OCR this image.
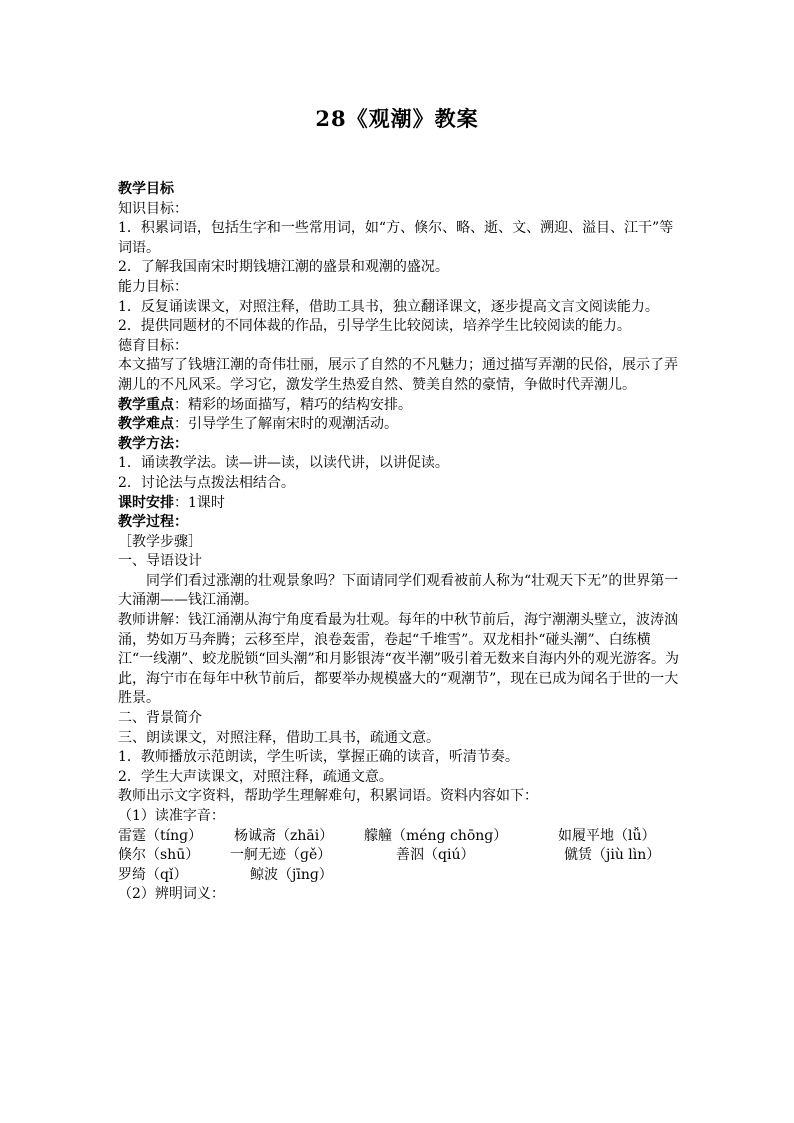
28《观潮》教案

教学目标

知识目标：

1．积累词语，包括生字和一些常用词，如“方、倏尔、略、逝、文、溯迎、溢目、江干”等词语。

2．了解我国南宋时期钱塘江潮的盛景和观潮的盛况。

能力目标：

1．反复诵读课文，对照注释，借助工具书，独立翻译课文，逐步提高文言文阅读能力。

2．提供同题材的不同体裁的作品，引导学生比较阅读，培养学生比较阅读的能力。

德育目标：

本文描写了钱塘江潮的奇伟壮丽，展示了自然的不凡魅力；通过描写弄潮的民俗，展示了弄潮儿的不凡风采。学习它，激发学生热爱自然、赞美自然的豪情，争做时代弄潮儿。

教学重点：精彩的场面描写，精巧的结构安排。

教学难点：引导学生了解南宋时的观潮活动。

教学方法：

1．诵读教学法。读—讲—读，以读代讲，以讲促读。

2．讨论法与点拨法相结合。

课时安排：1课时

教学过程：

［教学步骤］

一、导语设计

同学们看过涨潮的壮观景象吗？下面请同学们观看被前人称为“壮观天下无”的世界第一大涌潮——钱江涌潮。

教师讲解：钱江涌潮从海宁角度看最为壮观。每年的中秋节前后，海宁潮潮头壁立，波涛汹涌，势如万马奔腾；云移至岸，浪卷轰雷，卷起“千堆雪”。双龙相扑“碰头潮”、白练横江“一线潮”、蛟龙脱锁“回头潮”和月影银涛“夜半潮”吸引着无数来自海内外的观光游客。为此，海宁市在每年中秋节前后，都要举办规模盛大的“观潮节”，现在已成为闻名于世的一大胜景。

二、背景简介

三、朗读课文，对照注释，借助工具书，疏通文意。

1．教师播放示范朗读，学生听读，掌握正确的读音，听清节奏。

2．学生大声读课文，对照注释，疏通文意。

教师出示文字资料，帮助学生理解难句，积累词语。资料内容如下：

（1）读准字音：

雷霆（tínɡ）	杨诚斋（zhāi）	艨艟（ménɡ chōnɡ）	如履平地（lǚ）
倏尔（shū）	一舸无迹（ɡě）	善泅（qiú）	僦赁（jiù lìn）
罗绮（qǐ）	鲸波（jīnɡ）

（2）辨明词义：
